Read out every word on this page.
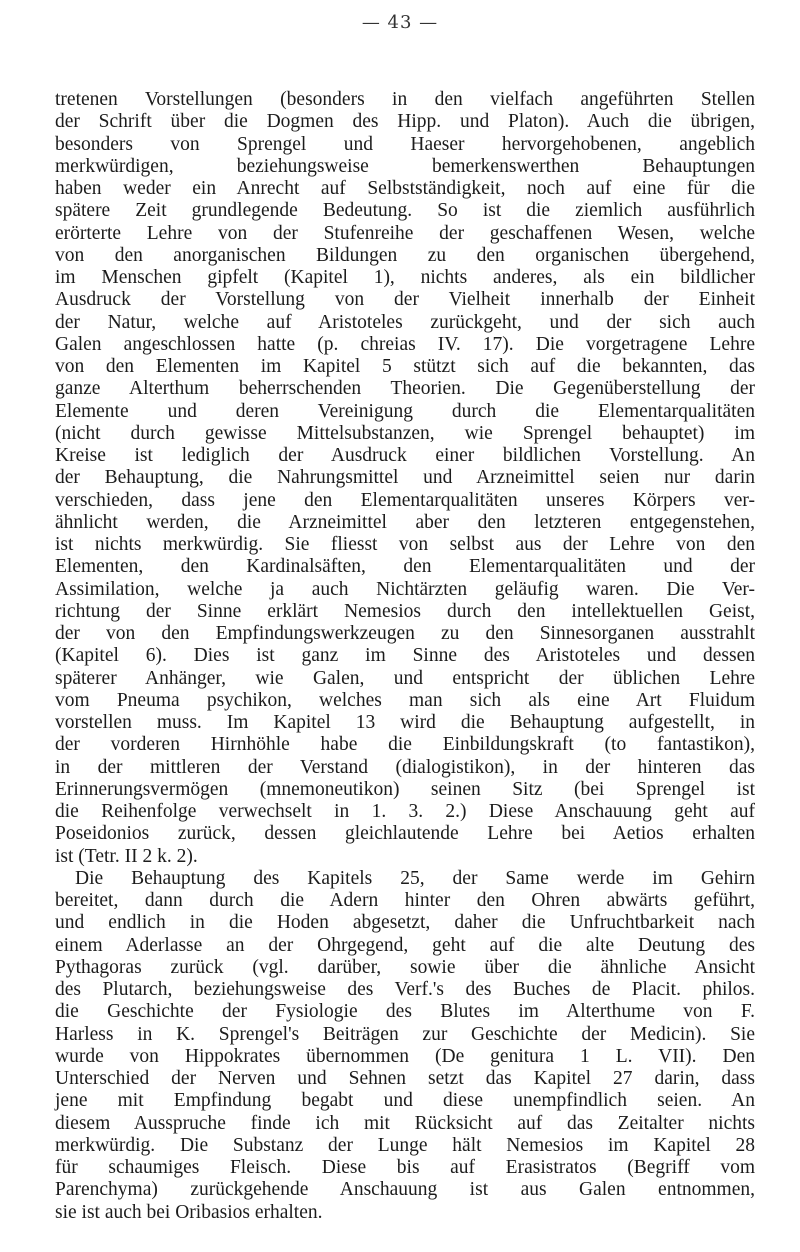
— 43 —
tretenen Vorstellungen (besonders in den vielfach angeführten Stellen
der Schrift über die Dogmen des Hipp. und Platon). Auch die übrigen,
besonders von Sprengel und Haeser hervorgehobenen, angeblich
merkwürdigen, beziehungsweise bemerkenswerthen Behauptungen
haben weder ein Anrecht auf Selbstständigkeit, noch auf eine für die
spätere Zeit grundlegende Bedeutung. So ist die ziemlich ausführlich
erörterte Lehre von der Stufenreihe der geschaffenen Wesen, welche
von den anorganischen Bildungen zu den organischen übergehend,
im Menschen gipfelt (Kapitel 1), nichts anderes, als ein bildlicher
Ausdruck der Vorstellung von der Vielheit innerhalb der Einheit
der Natur, welche auf Aristoteles zurückgeht, und der sich auch
Galen angeschlossen hatte (p. chreias IV. 17). Die vorgetragene Lehre
von den Elementen im Kapitel 5 stützt sich auf die bekannten, das
ganze Alterthum beherrschenden Theorien. Die Gegenüberstellung der
Elemente und deren Vereinigung durch die Elementarqualitäten
(nicht durch gewisse Mittelsubstanzen, wie Sprengel behauptet) im
Kreise ist lediglich der Ausdruck einer bildlichen Vorstellung. An
der Behauptung, die Nahrungsmittel und Arzneimittel seien nur darin
verschieden, dass jene den Elementarqualitäten unseres Körpers ver-
ähnlicht werden, die Arzneimittel aber den letzteren entgegenstehen,
ist nichts merkwürdig. Sie fliesst von selbst aus der Lehre von den
Elementen, den Kardinalsäften, den Elementarqualitäten und der
Assimilation, welche ja auch Nichtärzten geläufig waren. Die Ver-
richtung der Sinne erklärt Nemesios durch den intellektuellen Geist,
der von den Empfindungswerkzeugen zu den Sinnesorganen ausstrahlt
(Kapitel 6). Dies ist ganz im Sinne des Aristoteles und dessen
späterer Anhänger, wie Galen, und entspricht der üblichen Lehre
vom Pneuma psychikon, welches man sich als eine Art Fluidum
vorstellen muss. Im Kapitel 13 wird die Behauptung aufgestellt, in
der vorderen Hirnhöhle habe die Einbildungskraft (to fantastikon),
in der mittleren der Verstand (dialogistikon), in der hinteren das
Erinnerungsvermögen (mnemoneutikon) seinen Sitz (bei Sprengel ist
die Reihenfolge verwechselt in 1. 3. 2.) Diese Anschauung geht auf
Poseidonios zurück, dessen gleichlautende Lehre bei Aetios erhalten
ist (Tetr. II 2 k. 2).
Die Behauptung des Kapitels 25, der Same werde im Gehirn
bereitet, dann durch die Adern hinter den Ohren abwärts geführt,
und endlich in die Hoden abgesetzt, daher die Unfruchtbarkeit nach
einem Aderlasse an der Ohrgegend, geht auf die alte Deutung des
Pythagoras zurück (vgl. darüber, sowie über die ähnliche Ansicht
des Plutarch, beziehungsweise des Verf.'s des Buches de Placit. philos.
die Geschichte der Fysiologie des Blutes im Alterthume von F.
Harless in K. Sprengel's Beiträgen zur Geschichte der Medicin). Sie
wurde von Hippokrates übernommen (De genitura 1 L. VII). Den
Unterschied der Nerven und Sehnen setzt das Kapitel 27 darin, dass
jene mit Empfindung begabt und diese unempfindlich seien. An
diesem Ausspruche finde ich mit Rücksicht auf das Zeitalter nichts
merkwürdig. Die Substanz der Lunge hält Nemesios im Kapitel 28
für schaumiges Fleisch. Diese bis auf Erasistratos (Begriff vom
Parenchyma) zurückgehende Anschauung ist aus Galen entnommen,
sie ist auch bei Oribasios erhalten.
